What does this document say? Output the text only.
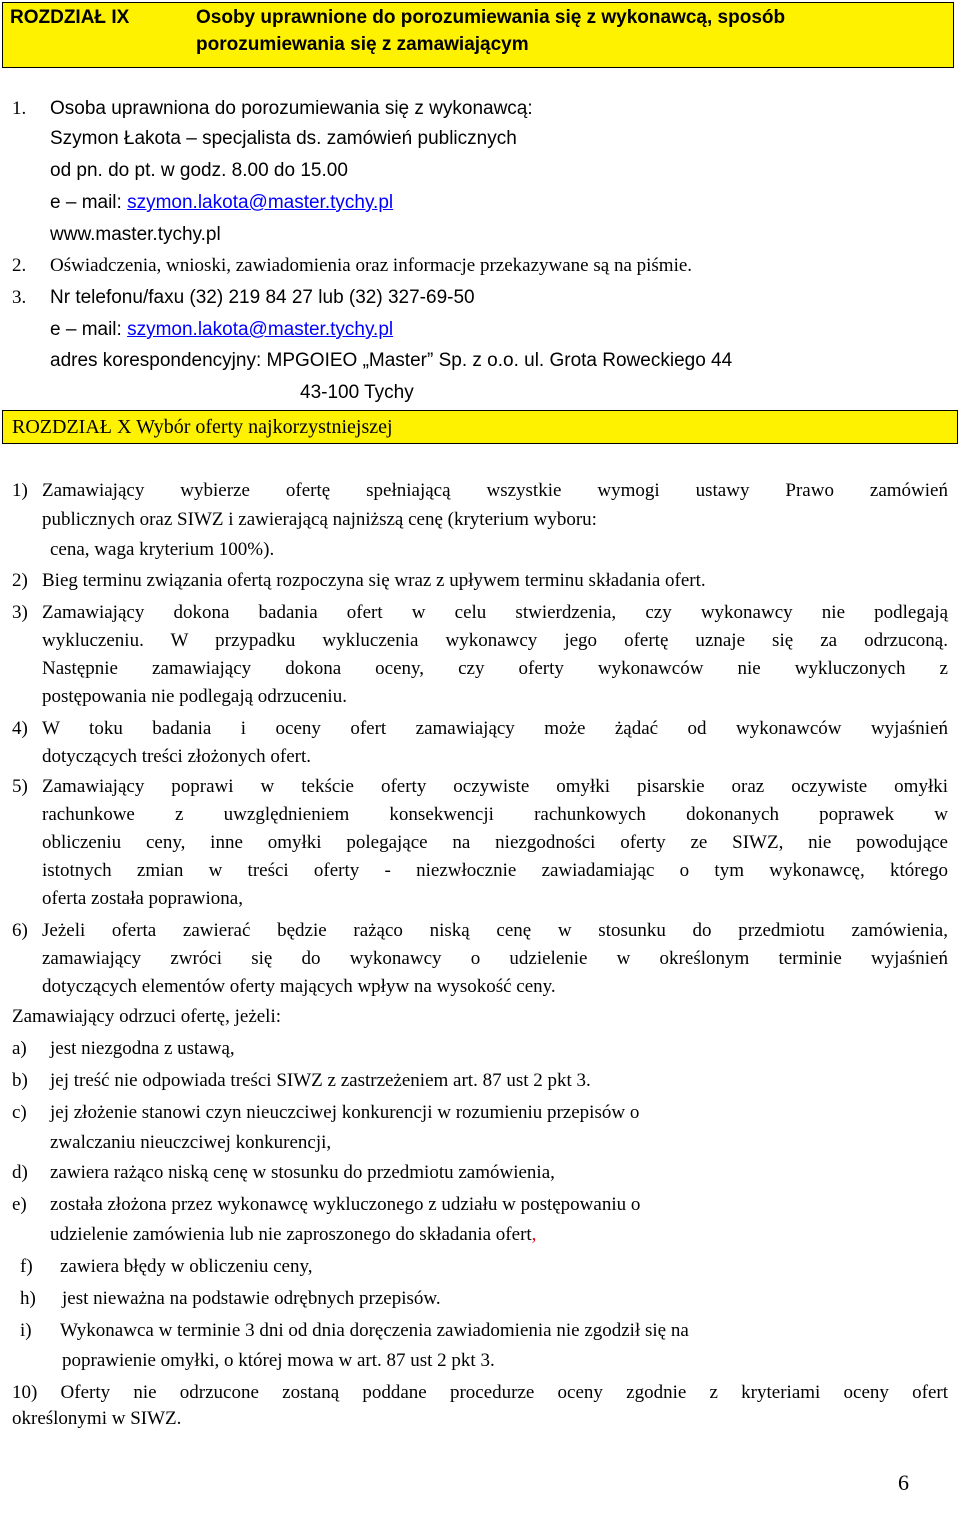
ROZDZIAŁ IX	Osoby uprawnione do porozumiewania się z wykonawcą, sposób
porozumiewania się z zamawiającym
1. Osoba uprawniona do porozumiewania się z wykonawcą:
Szymon Łakota – specjalista ds. zamówień publicznych
od pn. do pt. w godz. 8.00 do 15.00
e – mail: szymon.lakota@master.tychy.pl
www.master.tychy.pl
2. Oświadczenia, wnioski, zawiadomienia oraz informacje przekazywane są na piśmie.
3. Nr telefonu/faxu (32) 219 84 27 lub (32) 327-69-50
e – mail: szymon.lakota@master.tychy.pl
adres korespondencyjny: MPGOIEO „Master” Sp. z o.o. ul. Grota Roweckiego 44
43-100 Tychy
ROZDZIAŁ X Wybór oferty najkorzystniejszej
1) Zamawiający wybierze ofertę spełniającą wszystkie wymogi ustawy Prawo zamówień
publicznych oraz SIWZ i zawierającą najniższą cenę (kryterium wyboru:
cena, waga kryterium 100%).
2) Bieg terminu związania ofertą rozpoczyna się wraz z upływem terminu składania ofert.
3) Zamawiający dokona badania ofert w celu stwierdzenia, czy wykonawcy nie podlegają
wykluczeniu. W przypadku wykluczenia wykonawcy jego ofertę uznaje się za odrzuconą.
Następnie zamawiający dokona oceny, czy oferty wykonawców nie wykluczonych z
postępowania nie podlegają odrzuceniu.
4) W toku badania i oceny ofert zamawiający może żądać od wykonawców wyjaśnień
dotyczących treści złożonych ofert.
5) Zamawiający poprawi w tekście oferty oczywiste omyłki pisarskie oraz oczywiste omyłki
rachunkowe z uwzględnieniem konsekwencji rachunkowych dokonanych poprawek w
obliczeniu ceny, inne omyłki polegające na niezgodności oferty ze SIWZ, nie powodujące
istotnych zmian w treści oferty - niezwłocznie zawiadamiając o tym wykonawcę, którego
oferta została poprawiona,
6) Jeżeli oferta zawierać będzie rażąco niską cenę w stosunku do przedmiotu zamówienia,
zamawiający zwróci się do wykonawcy o udzielenie w określonym terminie wyjaśnień
dotyczących elementów oferty mających wpływ na wysokość ceny.
Zamawiający odrzuci ofertę, jeżeli:
a) jest niezgodna z ustawą,
b) jej treść nie odpowiada treści SIWZ z zastrzeżeniem art. 87 ust 2 pkt 3.
c) jej złożenie stanowi czyn nieuczciwej konkurencji w rozumieniu przepisów o
zwalczaniu nieuczciwej konkurencji,
d) zawiera rażąco niską cenę w stosunku do przedmiotu zamówienia,
e) została złożona przez wykonawcę wykluczonego z udziału w postępowaniu o
udzielenie zamówienia lub nie zaproszonego do składania ofert,
f) zawiera błędy w obliczeniu ceny,
h) jest nieważna na podstawie odrębnych przepisów.
i) Wykonawca w terminie 3 dni od dnia doręczenia zawiadomienia nie zgodził się na
poprawienie omyłki, o której mowa w art. 87 ust 2 pkt 3.
10) Oferty nie odrzucone zostaną poddane procedurze oceny zgodnie z kryteriami oceny ofert
określonymi w SIWZ.
6
